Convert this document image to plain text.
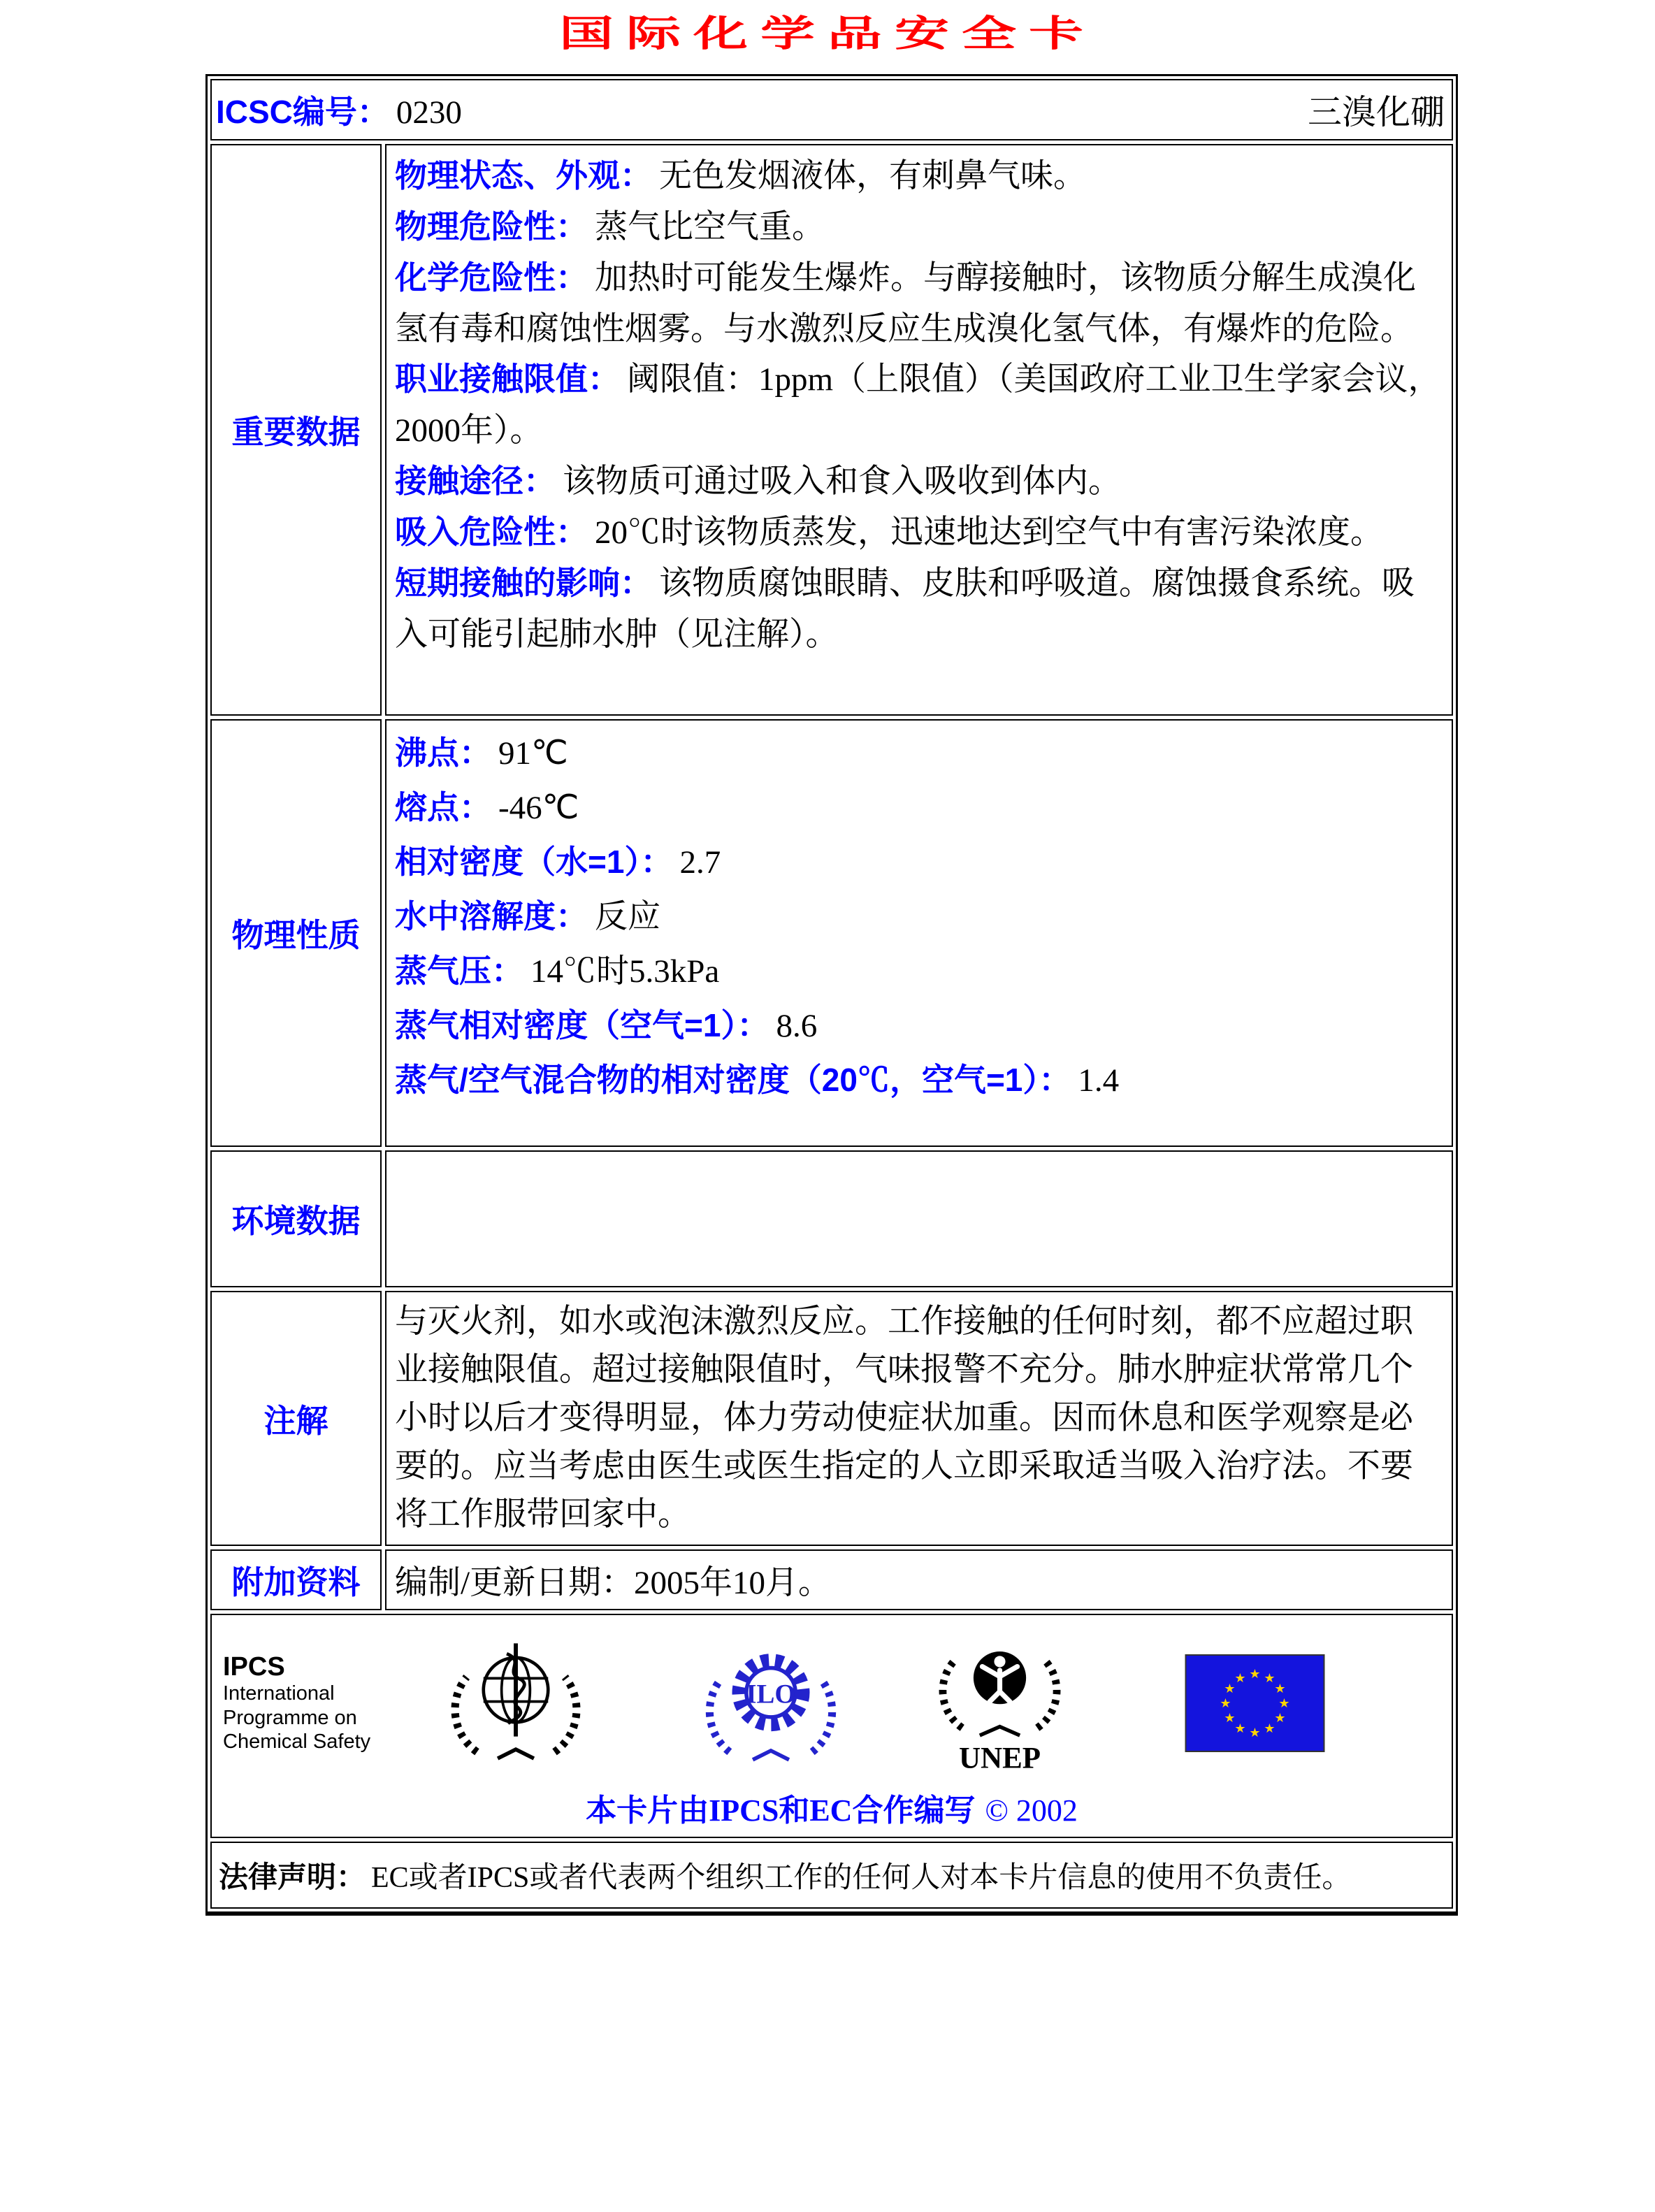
国际化学品安全卡
ICSC编号： 0230	三溴化硼
重要数据
物理状态、外观： 无色发烟液体，有刺鼻气味。
物理危险性： 蒸气比空气重。
化学危险性： 加热时可能发生爆炸。与醇接触时，该物质分解生成溴化氢有毒和腐蚀性烟雾。与水激烈反应生成溴化氢气体，有爆炸的危险。
职业接触限值： 阈限值：1ppm（上限值）（美国政府工业卫生学家会议，2000年）。
接触途径： 该物质可通过吸入和食入吸收到体内。
吸入危险性： 20℃时该物质蒸发，迅速地达到空气中有害污染浓度。
短期接触的影响： 该物质腐蚀眼睛、皮肤和呼吸道。腐蚀摄食系统。吸入可能引起肺水肿（见注解）。
物理性质
沸点： 91℃
熔点： -46℃
相对密度（水=1）： 2.7
水中溶解度： 反应
蒸气压： 14℃时5.3kPa
蒸气相对密度（空气=1）： 8.6
蒸气/空气混合物的相对密度（20℃，空气=1）： 1.4
环境数据
注解
与灭火剂，如水或泡沫激烈反应。工作接触的任何时刻，都不应超过职业接触限值。超过接触限值时，气味报警不充分。肺水肿症状常常几个小时以后才变得明显，体力劳动使症状加重。因而休息和医学观察是必要的。应当考虑由医生或医生指定的人立即采取适当吸入治疗法。不要将工作服带回家中。
附加资料 编制/更新日期：2005年10月。
IPCS
International
Programme on
Chemical Safety
ILO
UNEP
★ ★
★
★
★
★
★
★
★
★
★
★
本卡片由IPCS和EC合作编写 © 2002
法律声明： EC或者IPCS或者代表两个组织工作的任何人对本卡片信息的使用不负责任。
